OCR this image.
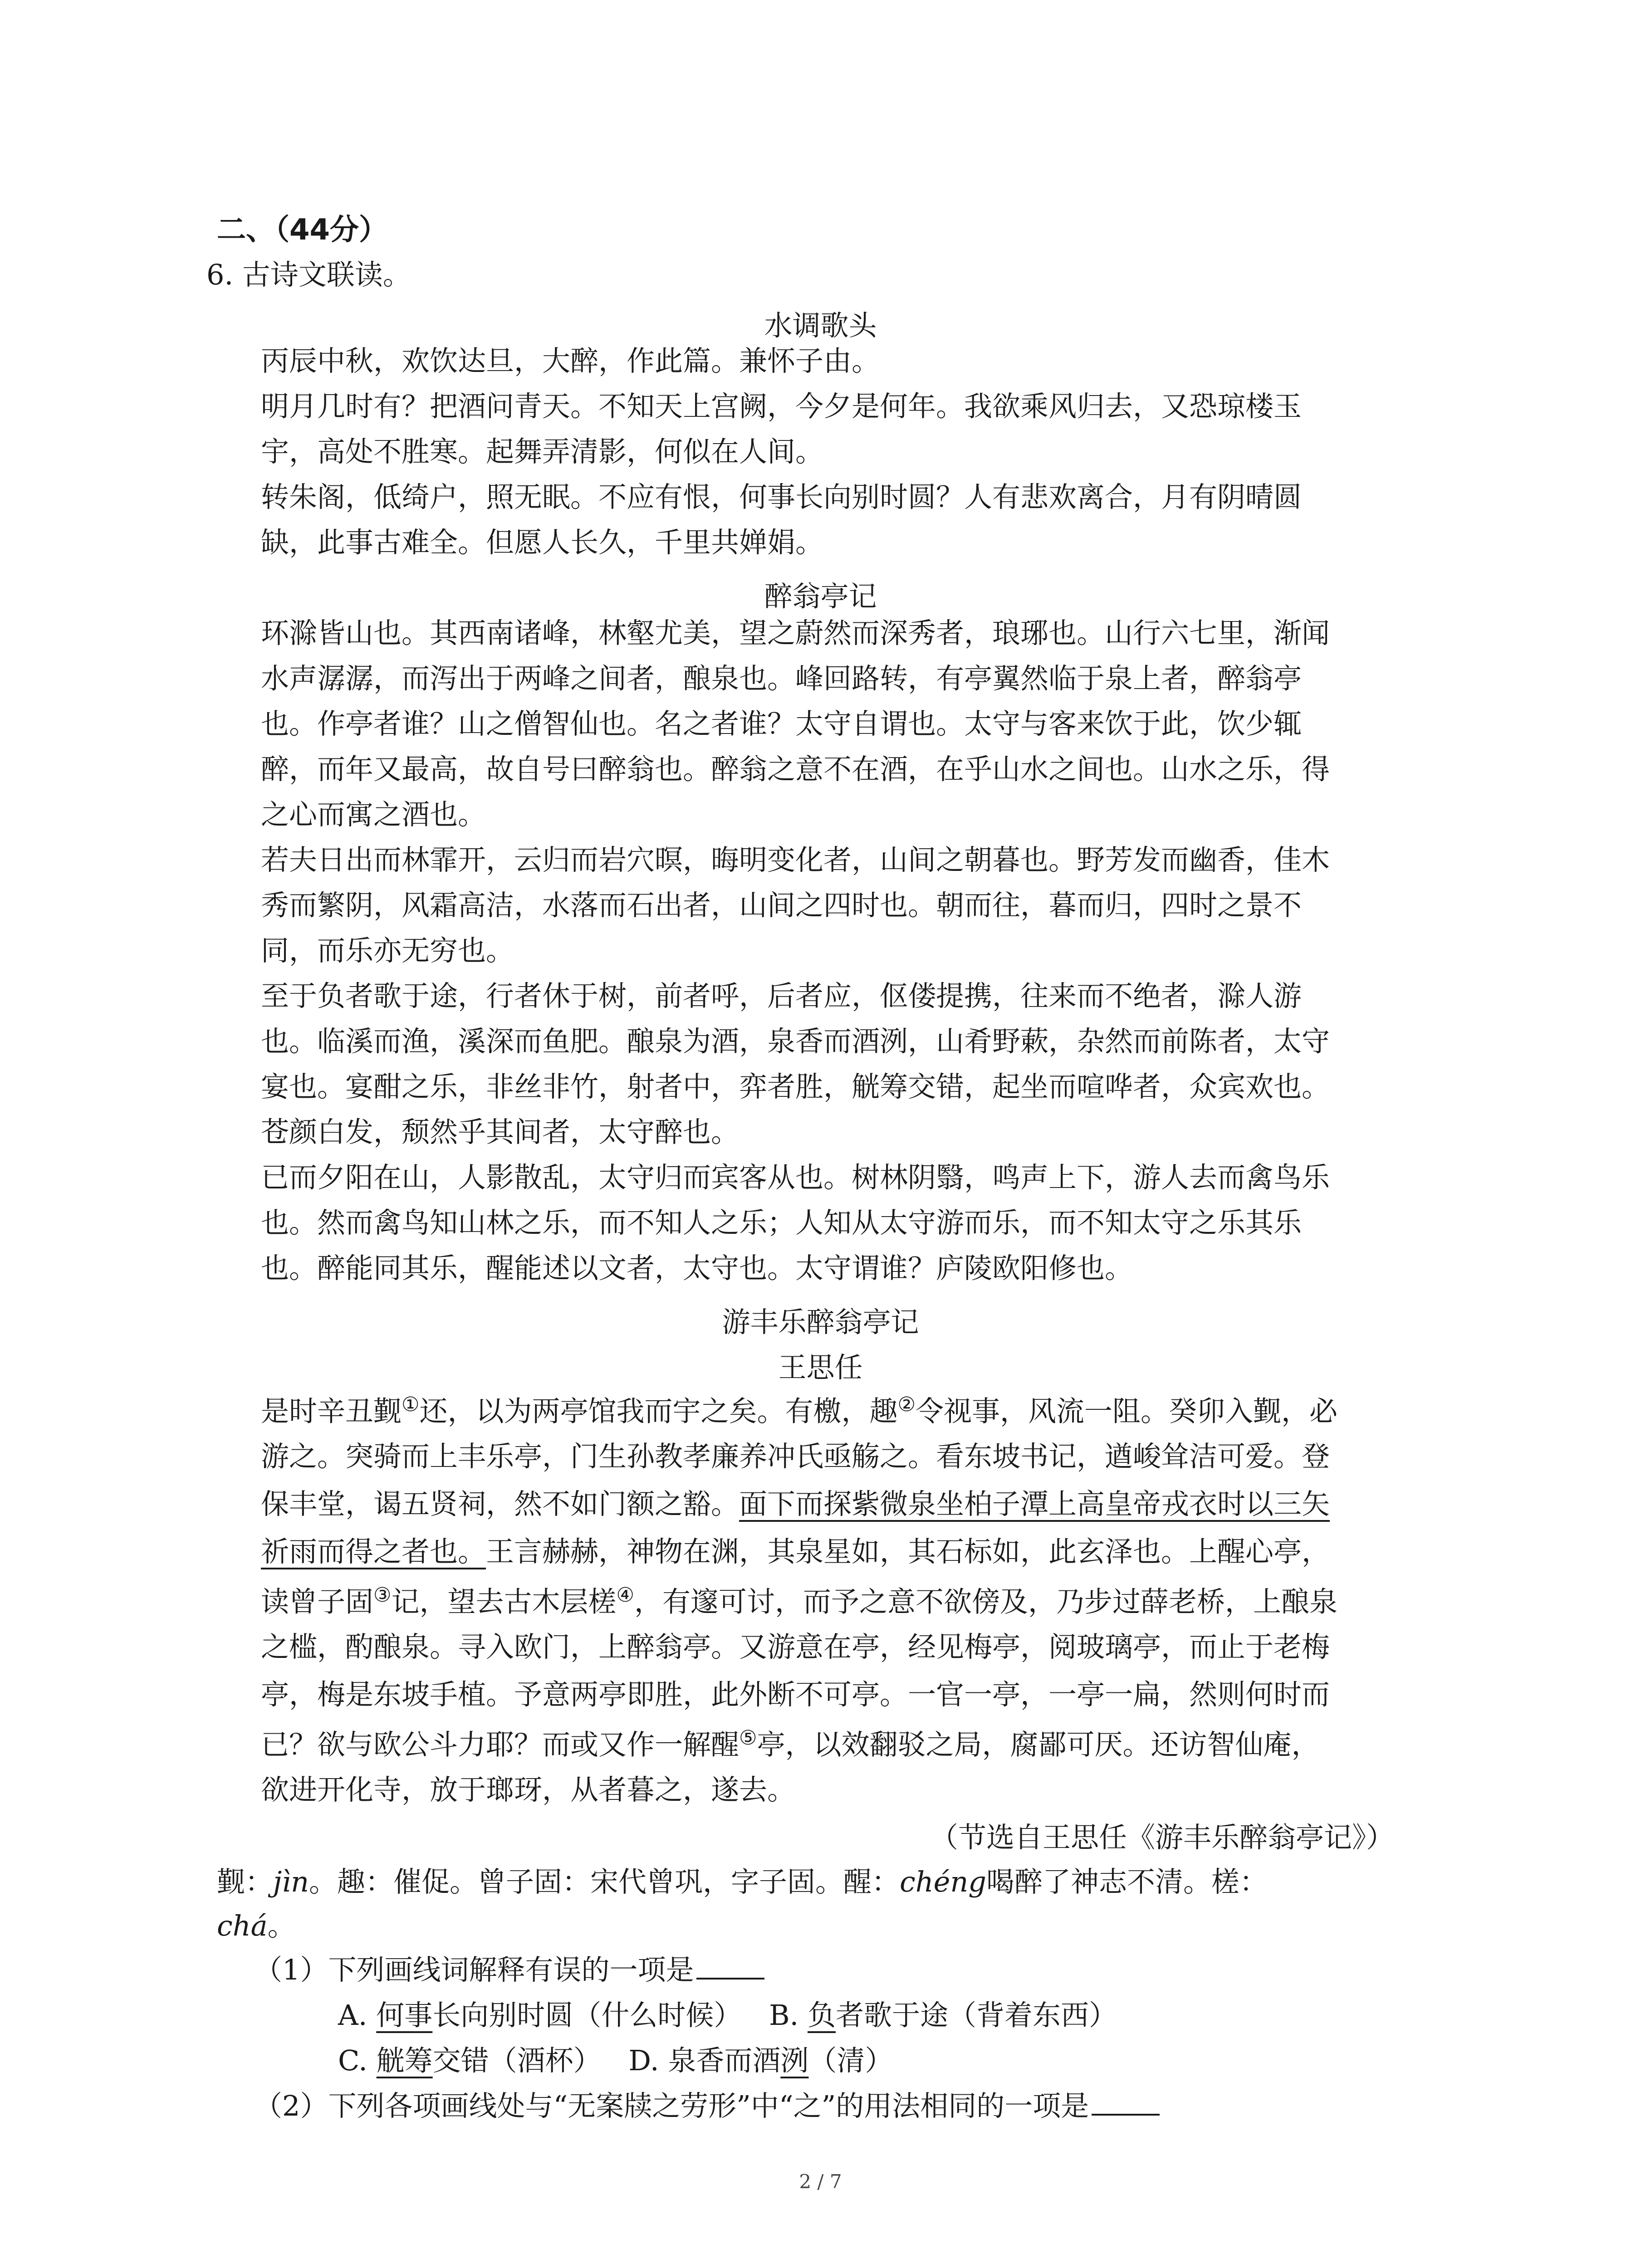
二、（44分）
6. 古诗文联读。
水调歌头
丙辰中秋，欢饮达旦，大醉，作此篇。兼怀子由。
明月几时有？把酒问青天。不知天上宫阙，今夕是何年。我欲乘风归去，又恐琼楼玉
宇，高处不胜寒。起舞弄清影，何似在人间。
转朱阁，低绮户，照无眠。不应有恨，何事长向别时圆？人有悲欢离合，月有阴晴圆
缺，此事古难全。但愿人长久，千里共婵娟。
醉翁亭记
环滁皆山也。其西南诸峰，林壑尤美，望之蔚然而深秀者，琅琊也。山行六七里，渐闻
水声潺潺，而泻出于两峰之间者，酿泉也。峰回路转，有亭翼然临于泉上者，醉翁亭
也。作亭者谁？山之僧智仙也。名之者谁？太守自谓也。太守与客来饮于此，饮少辄
醉，而年又最高，故自号曰醉翁也。醉翁之意不在酒，在乎山水之间也。山水之乐，得
之心而寓之酒也。
若夫日出而林霏开，云归而岩穴暝，晦明变化者，山间之朝暮也。野芳发而幽香，佳木
秀而繁阴，风霜高洁，水落而石出者，山间之四时也。朝而往，暮而归，四时之景不
同，而乐亦无穷也。
至于负者歌于途，行者休于树，前者呼，后者应，伛偻提携，往来而不绝者，滁人游
也。临溪而渔，溪深而鱼肥。酿泉为酒，泉香而酒洌，山肴野蔌，杂然而前陈者，太守
宴也。宴酣之乐，非丝非竹，射者中，弈者胜，觥筹交错，起坐而喧哗者，众宾欢也。
苍颜白发，颓然乎其间者，太守醉也。
已而夕阳在山，人影散乱，太守归而宾客从也。树林阴翳，鸣声上下，游人去而禽鸟乐
也。然而禽鸟知山林之乐，而不知人之乐；人知从太守游而乐，而不知太守之乐其乐
也。醉能同其乐，醒能述以文者，太守也。太守谓谁？庐陵欧阳修也。
游丰乐醉翁亭记
王思任
是时辛丑觐①还，以为两亭馆我而宇之矣。有檄，趣②令视事，风流一阻。癸卯入觐，必
游之。突骑而上丰乐亭，门生孙教孝廉养冲氏亟觞之。看东坡书记，遒峻耸洁可爱。登
保丰堂，谒五贤祠，然不如门额之豁。面下而探紫微泉坐柏子潭上高皇帝戎衣时以三矢
祈雨而得之者也。王言赫赫，神物在渊，其泉星如，其石标如，此玄泽也。上醒心亭，
读曾子固③记，望去古木层槎④，有邃可讨，而予之意不欲傍及，乃步过薛老桥，上酿泉
之槛，酌酿泉。寻入欧门，上醉翁亭。又游意在亭，经见梅亭，阅玻璃亭，而止于老梅
亭，梅是东坡手植。予意两亭即胜，此外断不可亭。一官一亭，一亭一扁，然则何时而
已？欲与欧公斗力耶？而或又作一解醒⑤亭，以效翻驳之局，腐鄙可厌。还访智仙庵，
欲进开化寺，放于瑯玡，从者暮之，遂去。
（节选自王思任《游丰乐醉翁亭记》）
觐：jìn。趣：催促。曾子固：宋代曾巩，字子固。醒：chéng喝醉了神志不清。槎：
chá。
（1）下列画线词解释有误的一项是
A. 何事长向别时圆（什么时候） B. 负者歌于途（背着东西）
C. 觥筹交错（酒杯） D. 泉香而酒洌（清）
（2）下列各项画线处与“无案牍之劳形”中“之”的用法相同的一项是
2 / 7
